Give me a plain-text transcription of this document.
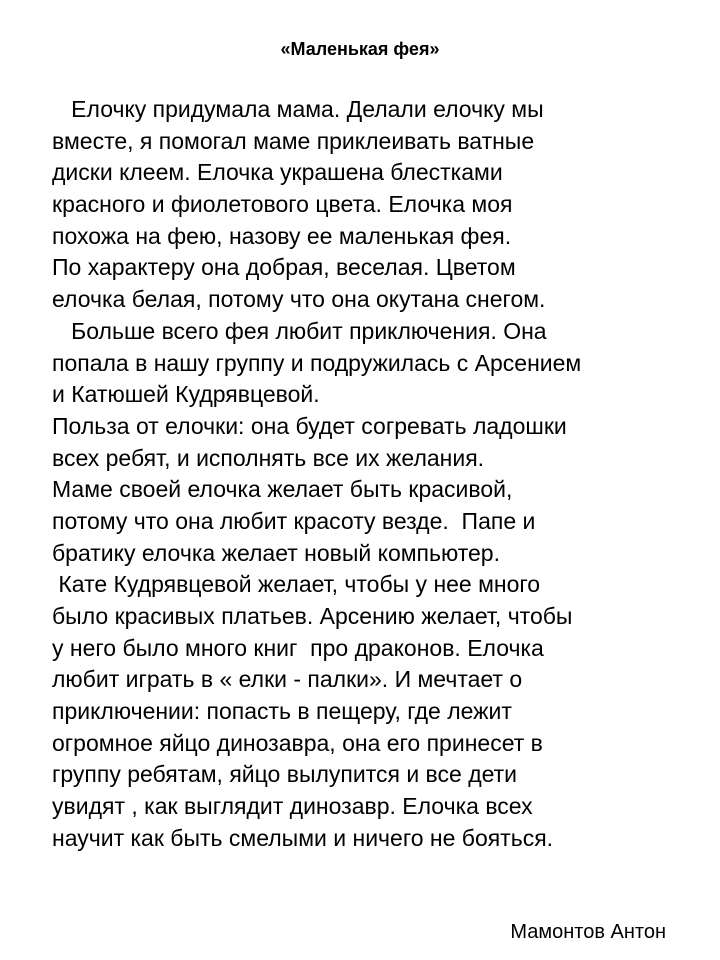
«Маленькая фея»
Елочку придумала мама. Делали елочку мы
вместе, я помогал маме приклеивать ватные
диски клеем. Елочка украшена блестками
красного и фиолетового цвета. Елочка моя
похожа на фею, назову ее маленькая фея.
По характеру она добрая, веселая. Цветом
елочка белая, потому что она окутана снегом.
Больше всего фея любит приключения. Она
попала в нашу группу и подружилась с Арсением
и Катюшей Кудрявцевой.
Польза от елочки: она будет согревать ладошки
всех ребят, и исполнять все их желания.
Маме своей елочка желает быть красивой,
потому что она любит красоту везде.  Папе и
братику елочка желает новый компьютер.
Кате Кудрявцевой желает, чтобы у нее много
было красивых платьев. Арсению желает, чтобы
у него было много книг  про драконов. Елочка
любит играть в « елки - палки». И мечтает о
приключении: попасть в пещеру, где лежит
огромное яйцо динозавра, она его принесет в
группу ребятам, яйцо вылупится и все дети
увидят , как выглядит динозавр. Елочка всех
научит как быть смелыми и ничего не бояться.
Мамонтов Антон
